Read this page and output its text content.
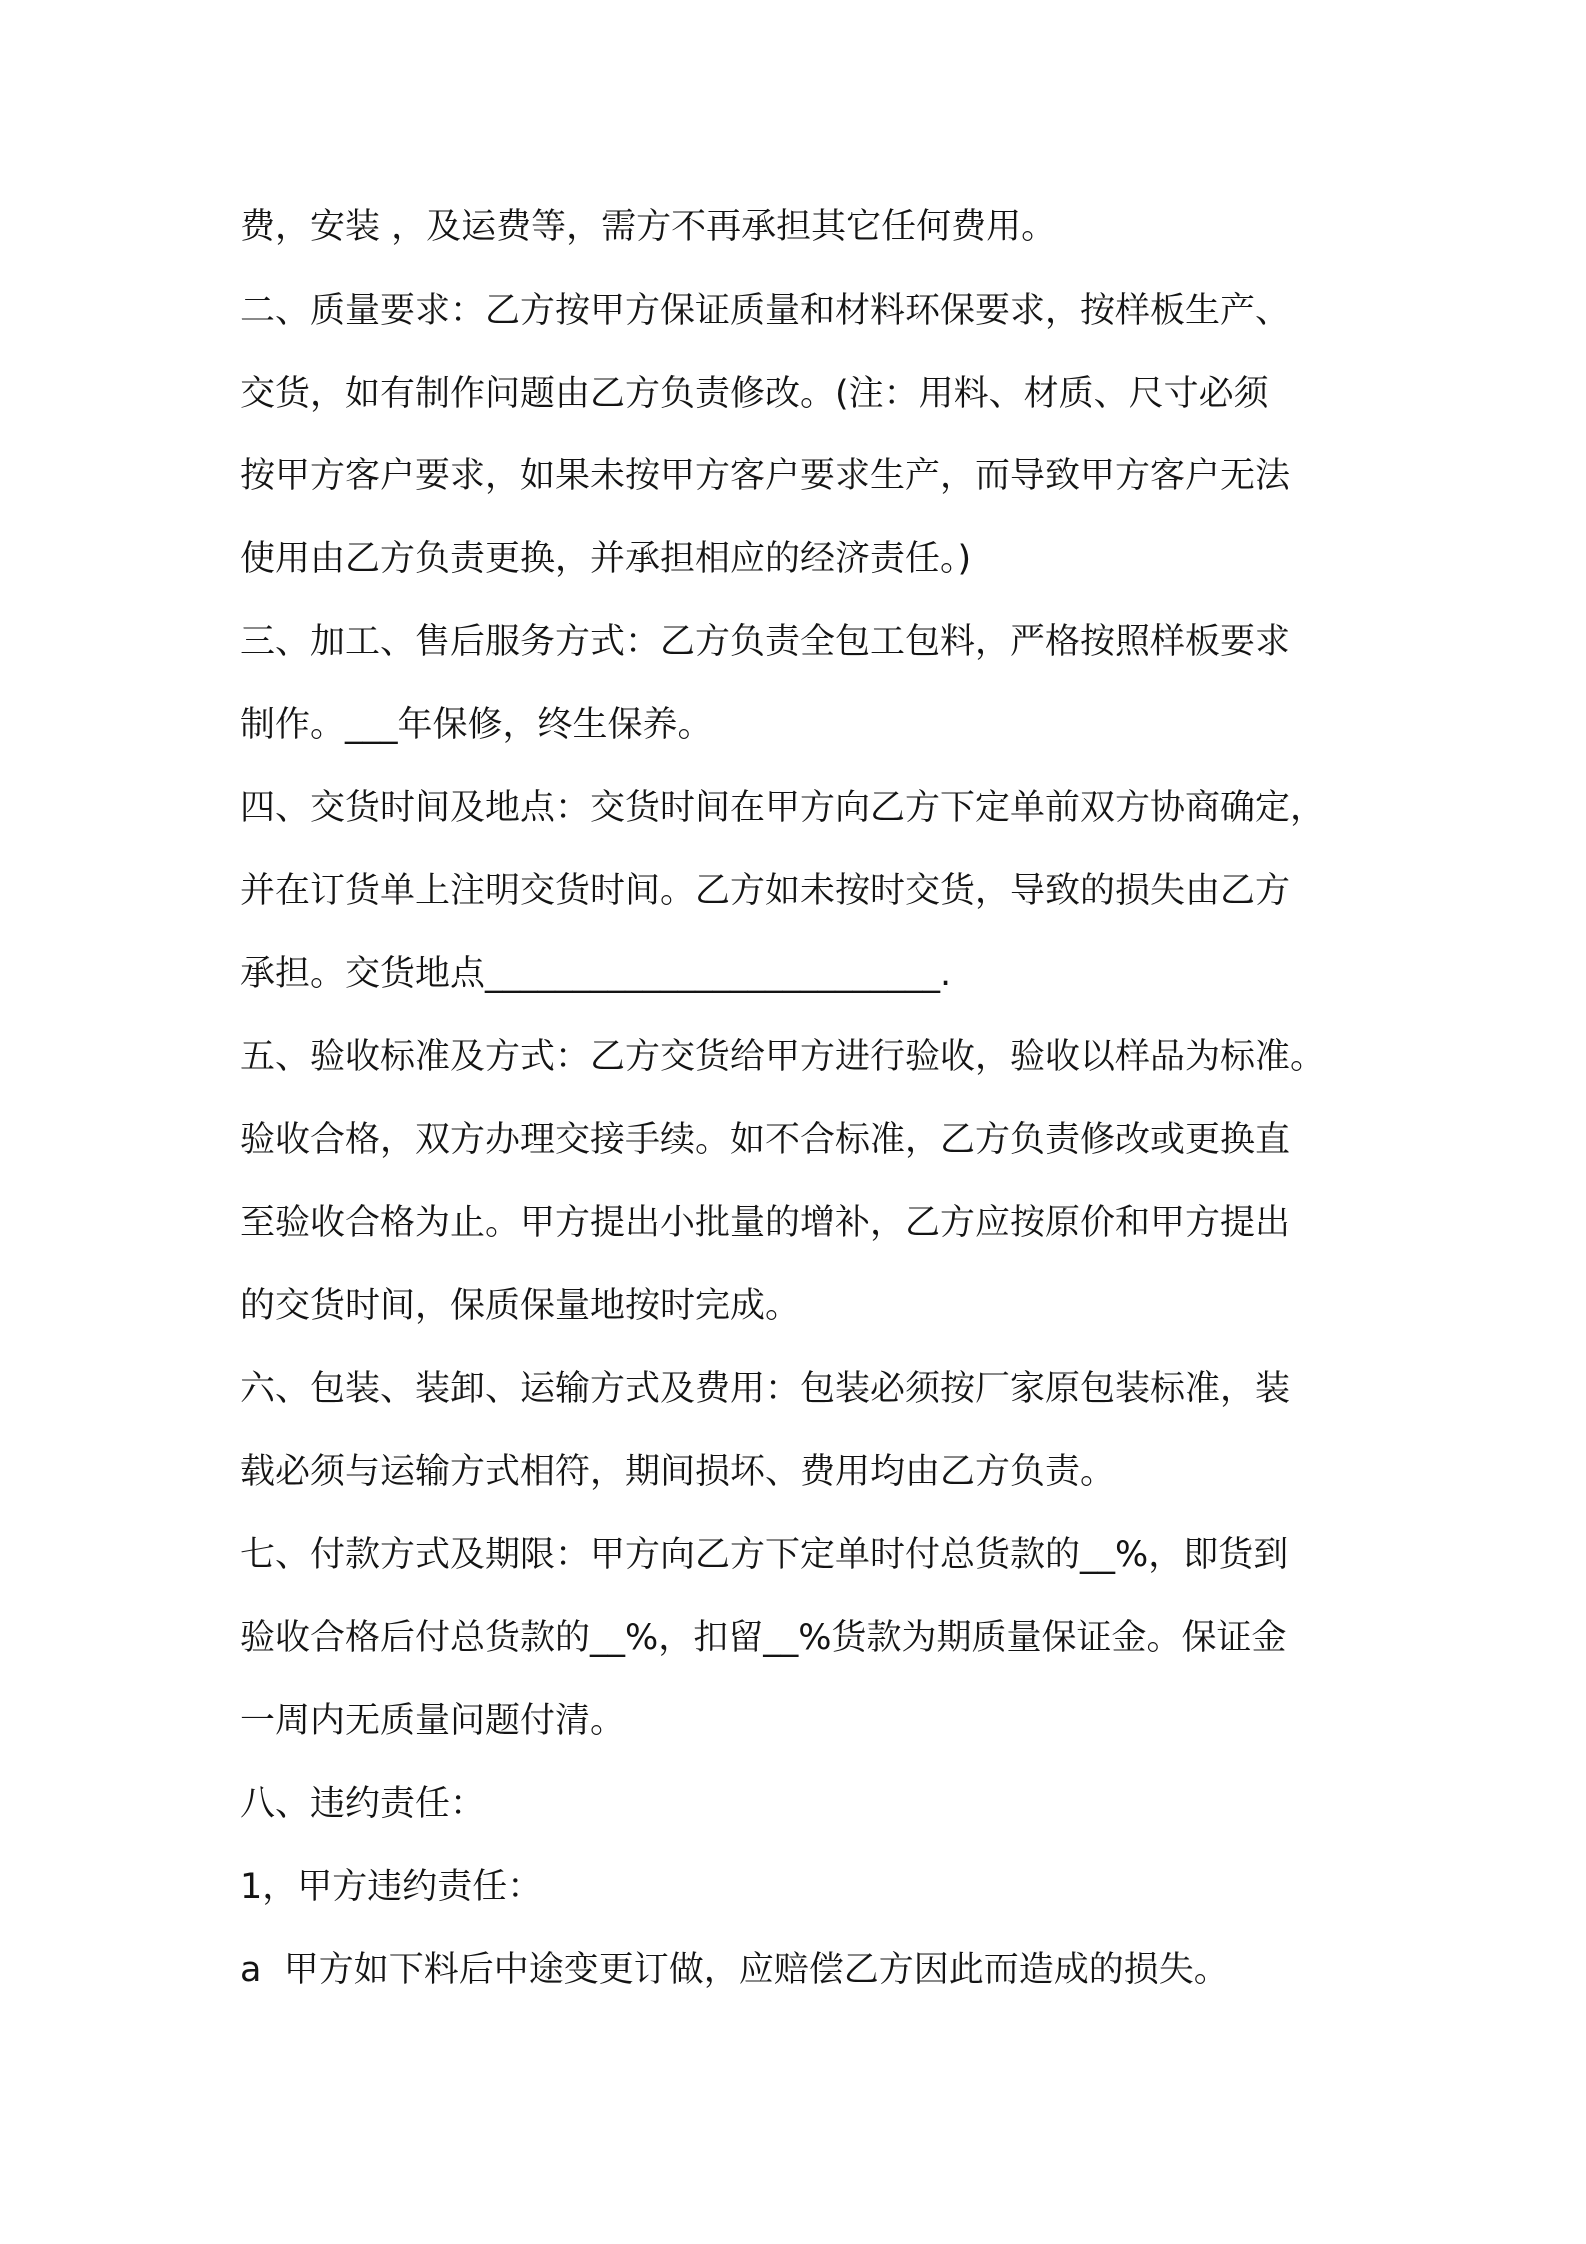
费，安装 ，及运费等，需方不再承担其它任何费用。

二、质量要求：乙方按甲方保证质量和材料环保要求，按样板生产、

交货，如有制作问题由乙方负责修改。(注：用料、材质、尺寸必须

按甲方客户要求，如果未按甲方客户要求生产，而导致甲方客户无法

使用由乙方负责更换，并承担相应的经济责任。)

三、加工、售后服务方式：乙方负责全包工包料，严格按照样板要求

制作。___年保修，终生保养。

四、交货时间及地点：交货时间在甲方向乙方下定单前双方协商确定，

并在订货单上注明交货时间。乙方如未按时交货，导致的损失由乙方

承担。交货地点__________________________.

五、验收标准及方式：乙方交货给甲方进行验收，验收以样品为标准。

验收合格，双方办理交接手续。如不合标准，乙方负责修改或更换直

至验收合格为止。甲方提出小批量的增补，乙方应按原价和甲方提出

的交货时间，保质保量地按时完成。

六、包装、装卸、运输方式及费用：包装必须按厂家原包装标准，装

载必须与运输方式相符，期间损坏、费用均由乙方负责。

七、付款方式及期限：甲方向乙方下定单时付总货款的__%，即货到

验收合格后付总货款的__%，扣留__%货款为期质量保证金。保证金

一周内无质量问题付清。

八、违约责任：

1，甲方违约责任：

a  甲方如下料后中途变更订做，应赔偿乙方因此而造成的损失。
